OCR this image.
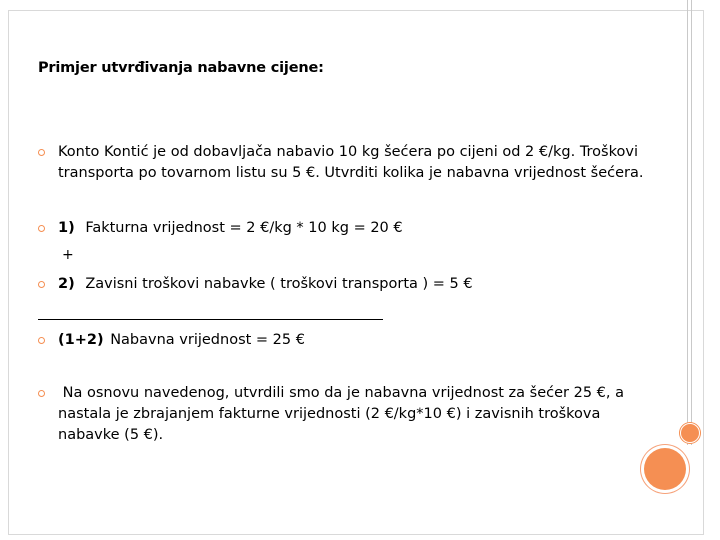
Primjer utvrđivanja nabavne cijene:
Konto Kontić je od dobavljača nabavio 10 kg šećera po cijeni od 2 €/kg. Troškovi
transporta po tovarnom listu su 5 €. Utvrditi kolika je nabavna vrijednost šećera.
1) Fakturna vrijednost = 2 €/kg * 10 kg = 20 €
+
2) Zavisni troškovi nabavke ( troškovi transporta ) = 5 €
(1+2) Nabavna vrijednost = 25 €
Na osnovu navedenog, utvrdili smo da je nabavna vrijednost za šećer 25 €, a
nastala je zbrajanjem fakturne vrijednosti (2 €/kg*10 €) i zavisnih troškova
nabavke (5 €).
